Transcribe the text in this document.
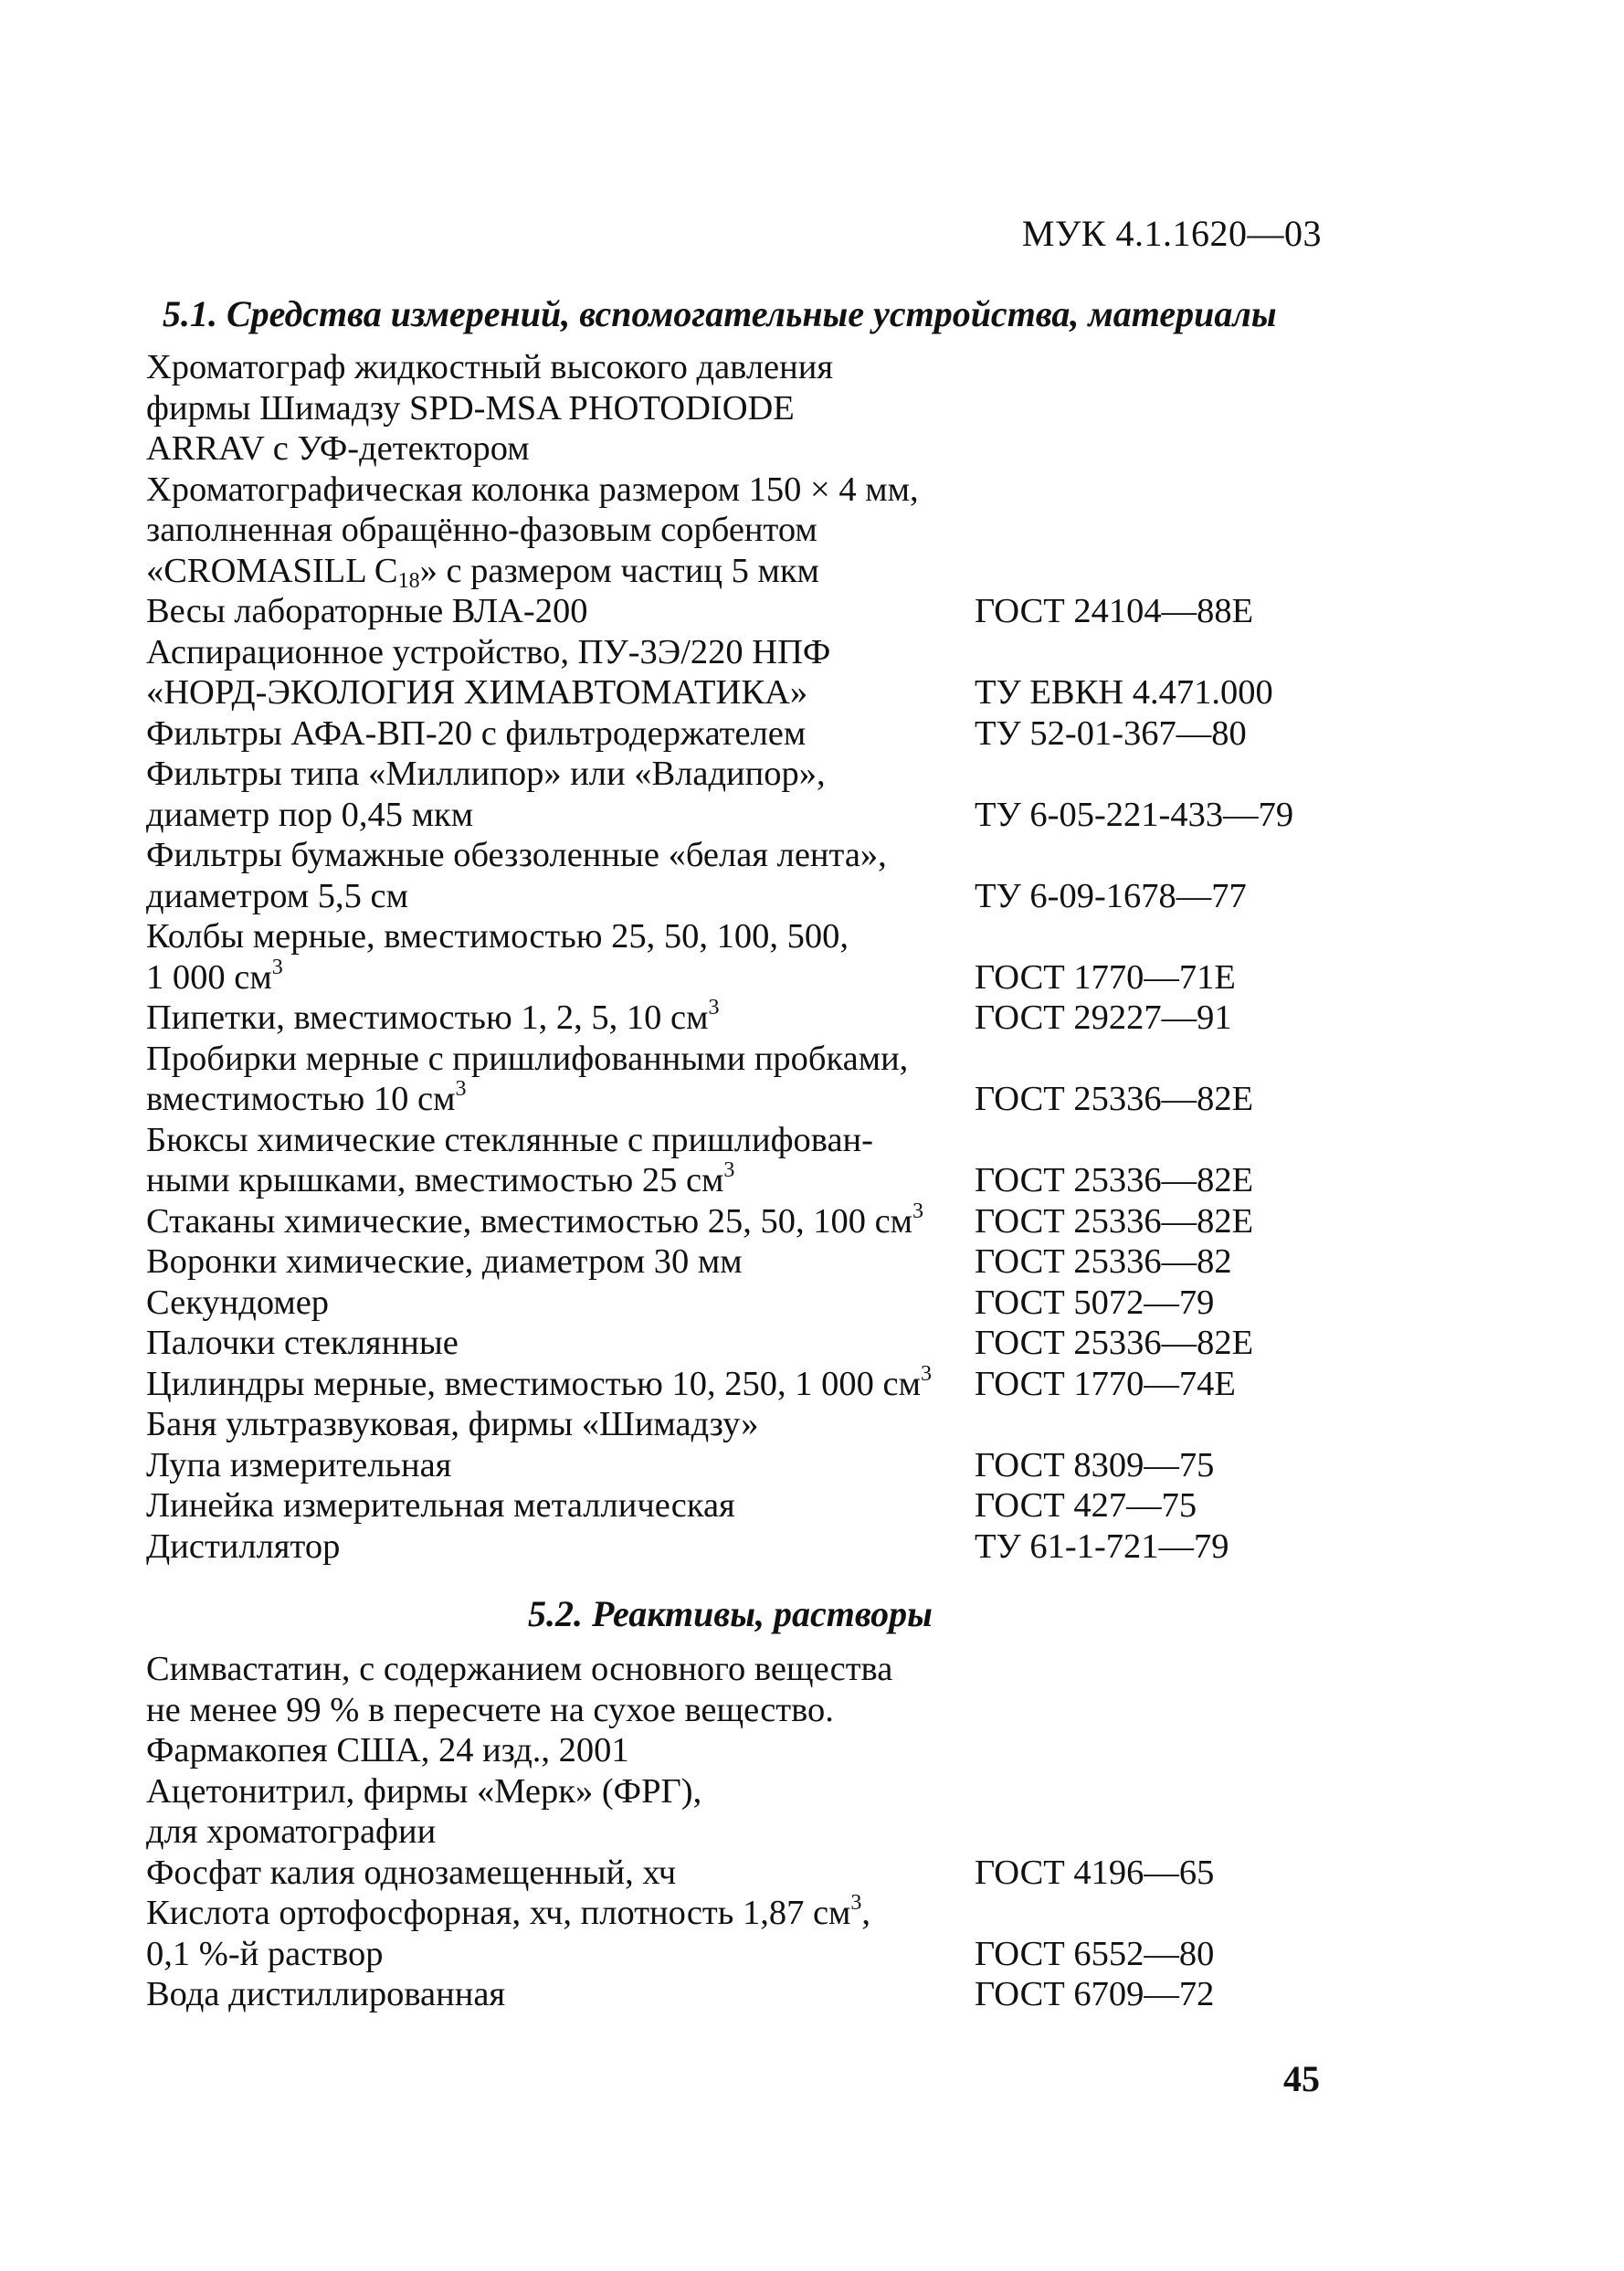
МУК 4.1.1620—03
5.1. Средства измерений, вспомогательные устройства, материалы
Хроматограф жидкостный высокого давления
фирмы Шимадзу SPD-MSA PHOTODIODE
ARRAV с УФ-детектором
Хроматографическая колонка размером 150 × 4 мм,
заполненная обращённо-фазовым сорбентом
«CROMASILL $C_{18}$» с размером частиц 5 мкм
Весы лабораторные ВЛА-200	ГОСТ 24104—88Е
Аспирационное устройство, ПУ-3Э/220 НПФ
«НОРД-ЭКОЛОГИЯ ХИМАВТОМАТИКА»	ТУ ЕВКН 4.471.000
Фильтры АФА-ВП-20 с фильтродержателем	ТУ 52-01-367—80
Фильтры типа «Миллипор» или «Владипор»,
диаметр пор 0,45 мкм	ТУ 6-05-221-433—79
Фильтры бумажные обеззоленные «белая лента»,
диаметром 5,5 см	ТУ 6-09-1678—77
Колбы мерные, вместимостью 25, 50, 100, 500,
1 000 $см^3$	ГОСТ 1770—71Е
Пипетки, вместимостью 1, 2, 5, 10 $см^3$	ГОСТ 29227—91
Пробирки мерные с пришлифованными пробками,
вместимостью 10 $см^3$	ГОСТ 25336—82Е
Бюксы химические стеклянные с пришлифован-
ными крышками, вместимостью 25 $см^3$	ГОСТ 25336—82Е
Стаканы химические, вместимостью 25, 50, 100 $см^3$	ГОСТ 25336—82Е
Воронки химические, диаметром 30 мм	ГОСТ 25336—82
Секундомер	ГОСТ 5072—79
Палочки стеклянные	ГОСТ 25336—82Е
Цилиндры мерные, вместимостью 10, 250, 1 000 $см^3$	ГОСТ 1770—74Е
Баня ультразвуковая, фирмы «Шимадзу»
Лупа измерительная	ГОСТ 8309—75
Линейка измерительная металлическая	ГОСТ 427—75
Дистиллятор	ТУ 61-1-721—79
5.2. Реактивы, растворы
Симвастатин, с содержанием основного вещества
не менее 99 % в пересчете на сухое вещество.
Фармакопея США, 24 изд., 2001
Ацетонитрил, фирмы «Мерк» (ФРГ),
для хроматографии
Фосфат калия однозамещенный, хч	ГОСТ 4196—65
Кислота ортофосфорная, хч, плотность 1,87 $см^3$,
0,1 %-й раствор	ГОСТ 6552—80
Вода дистиллированная	ГОСТ 6709—72
45
